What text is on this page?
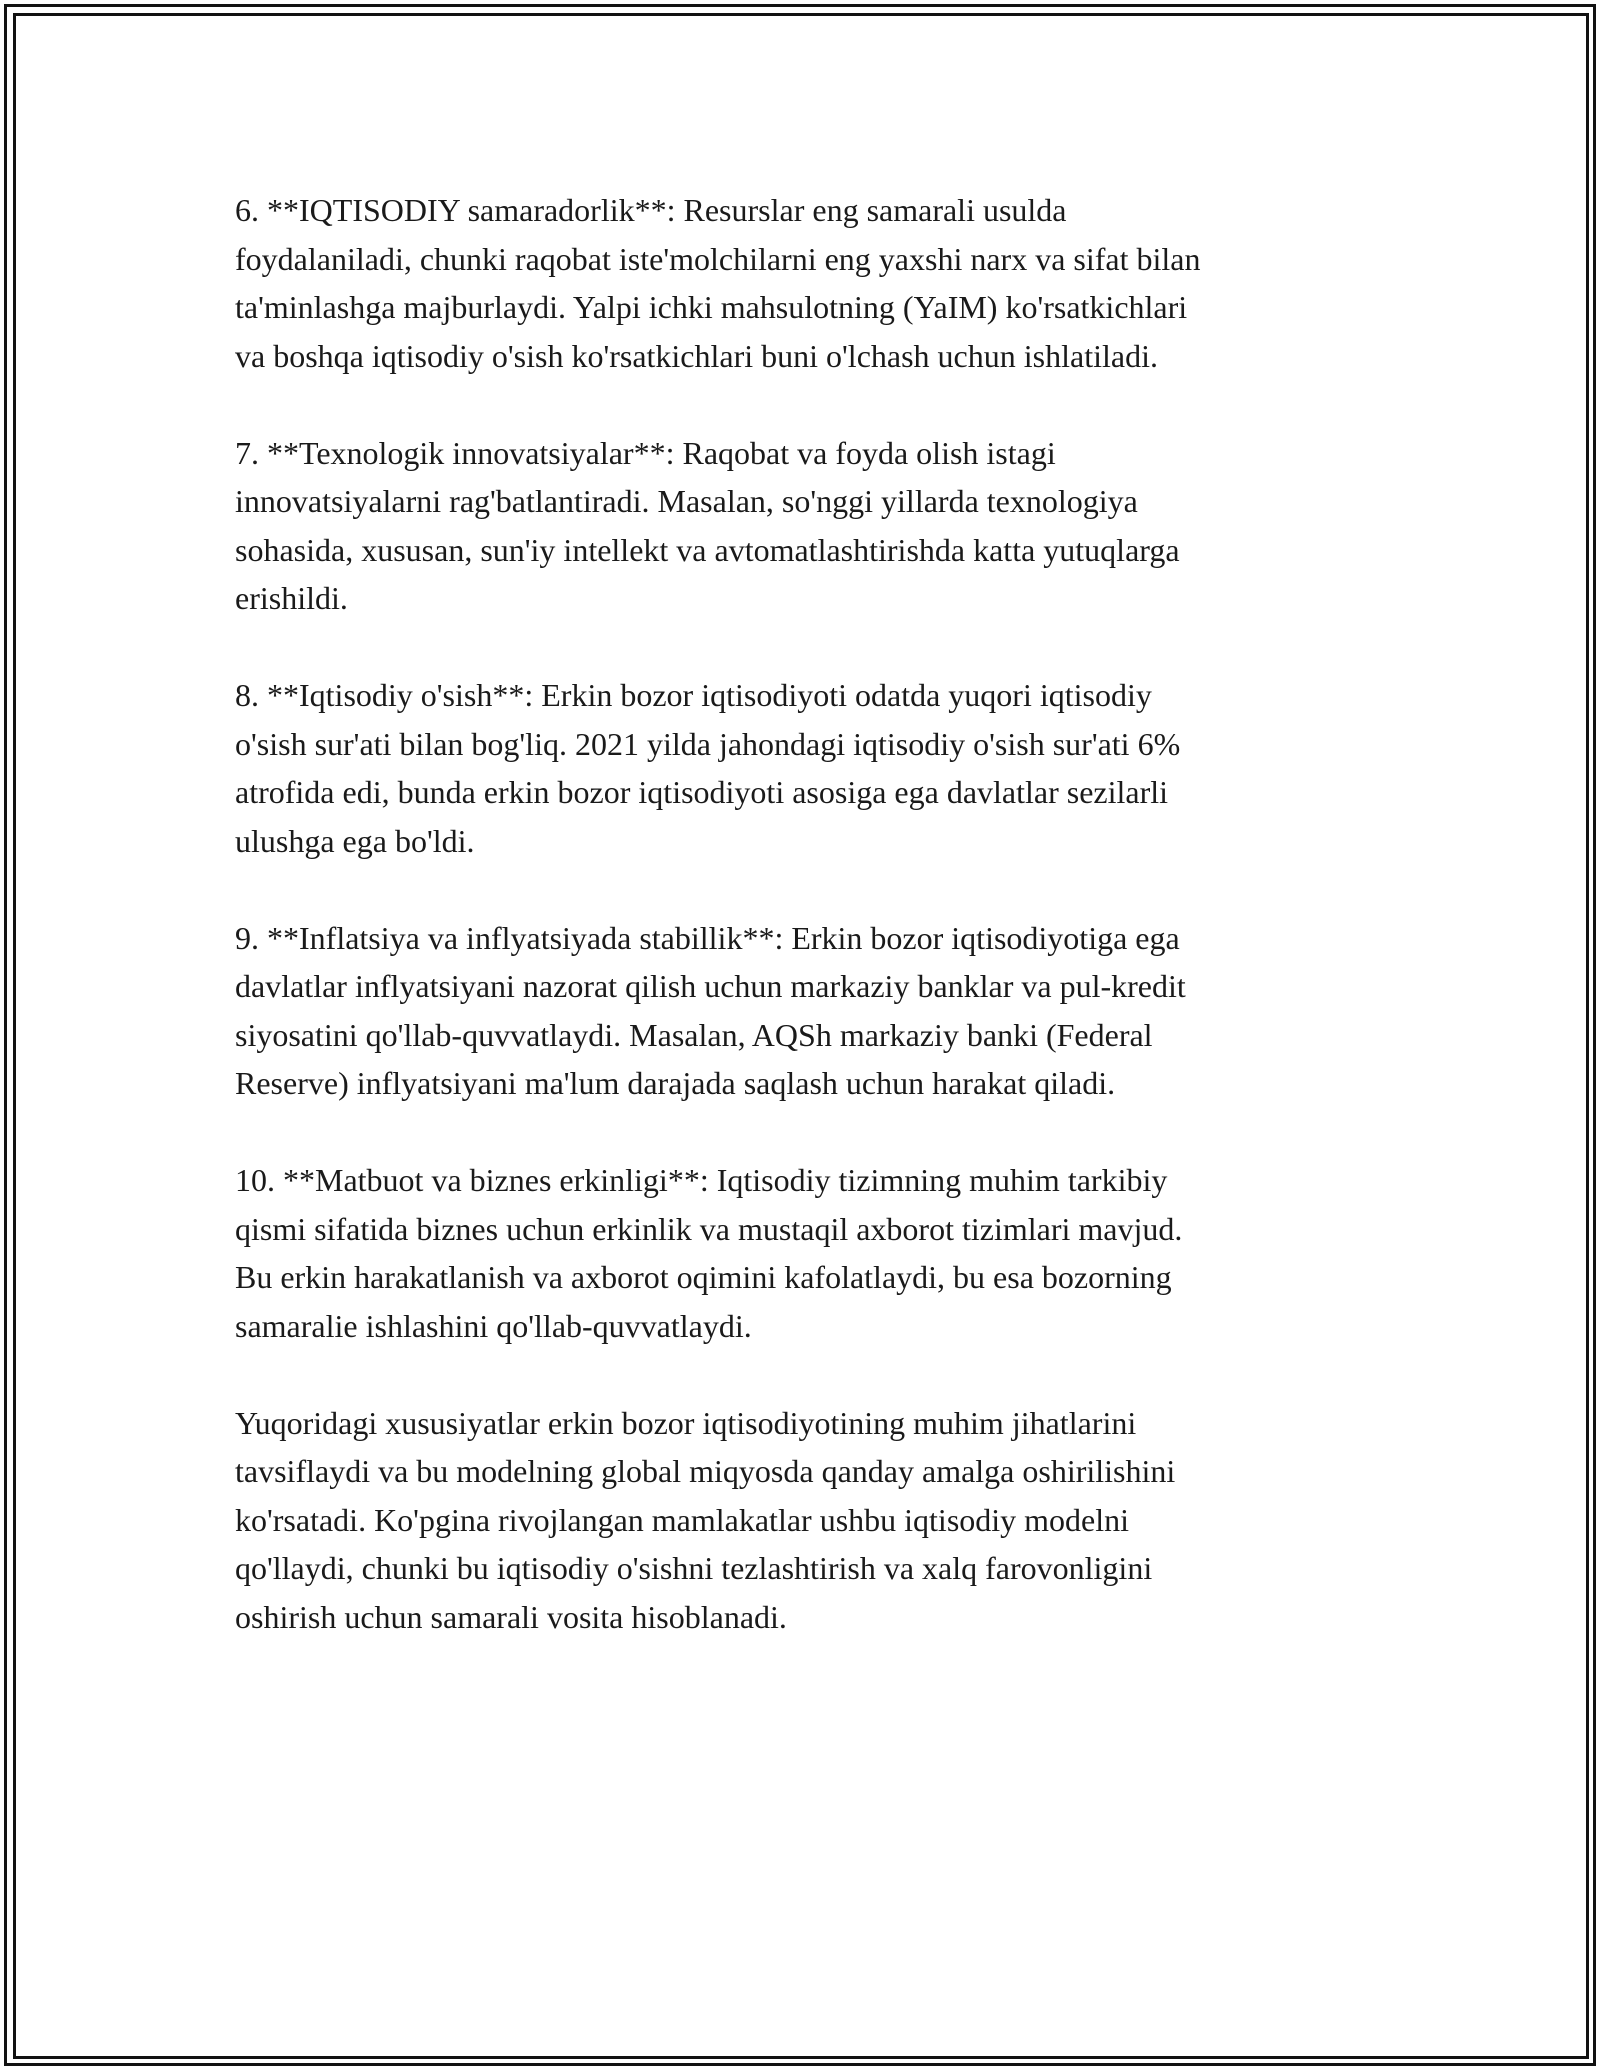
6. **IQTISODIY samaradorlik**: Resurslar eng samarali usulda
foydalaniladi, chunki raqobat iste'molchilarni eng yaxshi narx va sifat bilan
ta'minlashga majburlaydi. Yalpi ichki mahsulotning (YaIM) ko'rsatkichlari
va boshqa iqtisodiy o'sish ko'rsatkichlari buni o'lchash uchun ishlatiladi.

7. **Texnologik innovatsiyalar**: Raqobat va foyda olish istagi
innovatsiyalarni rag'batlantiradi. Masalan, so'nggi yillarda texnologiya
sohasida, xususan, sun'iy intellekt va avtomatlashtirishda katta yutuqlarga
erishildi.

8. **Iqtisodiy o'sish**: Erkin bozor iqtisodiyoti odatda yuqori iqtisodiy
o'sish sur'ati bilan bog'liq. 2021 yilda jahondagi iqtisodiy o'sish sur'ati 6%
atrofida edi, bunda erkin bozor iqtisodiyoti asosiga ega davlatlar sezilarli
ulushga ega bo'ldi.

9. **Inflatsiya va inflyatsiyada stabillik**: Erkin bozor iqtisodiyotiga ega
davlatlar inflyatsiyani nazorat qilish uchun markaziy banklar va pul-kredit
siyosatini qo'llab-quvvatlaydi. Masalan, AQSh markaziy banki (Federal
Reserve) inflyatsiyani ma'lum darajada saqlash uchun harakat qiladi.

10. **Matbuot va biznes erkinligi**: Iqtisodiy tizimning muhim tarkibiy
qismi sifatida biznes uchun erkinlik va mustaqil axborot tizimlari mavjud.
Bu erkin harakatlanish va axborot oqimini kafolatlaydi, bu esa bozorning
samaralie ishlashini qo'llab-quvvatlaydi.

Yuqoridagi xususiyatlar erkin bozor iqtisodiyotining muhim jihatlarini
tavsiflaydi va bu modelning global miqyosda qanday amalga oshirilishini
ko'rsatadi. Ko'pgina rivojlangan mamlakatlar ushbu iqtisodiy modelni
qo'llaydi, chunki bu iqtisodiy o'sishni tezlashtirish va xalq farovonligini
oshirish uchun samarali vosita hisoblanadi.
